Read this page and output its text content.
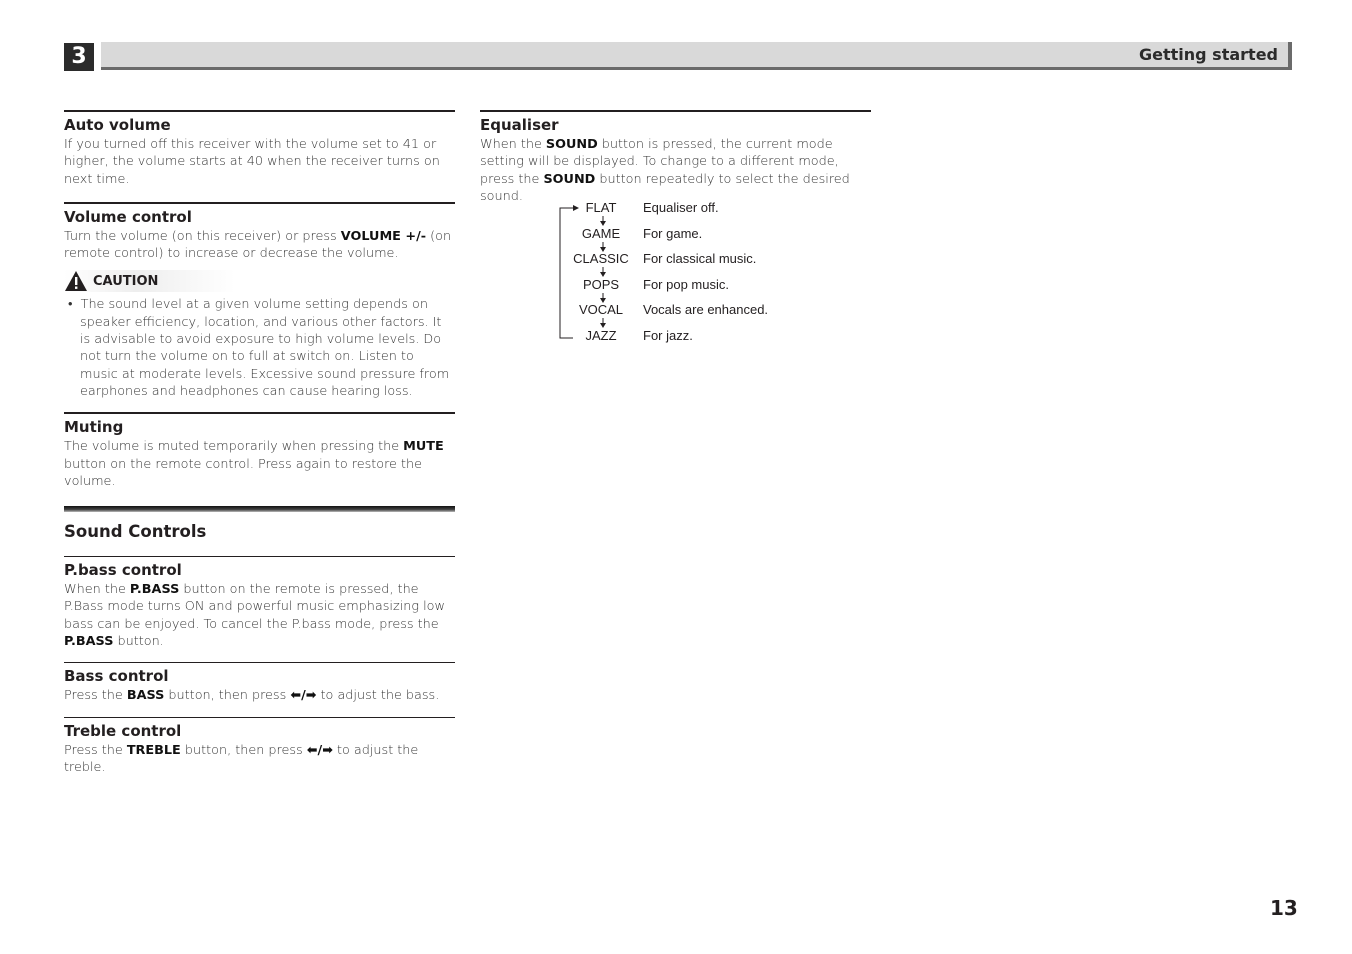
3	Getting started
Auto volume

If you turned off this receiver with the volume set to 41 or higher, the volume starts at 40 when the receiver turns on next time.

Volume control

Turn the volume (on this receiver) or press VOLUME +/- (on remote control) to increase or decrease the volume.

CAUTION

• The sound level at a given volume setting depends on speaker efficiency, location, and various other factors. It is advisable to avoid exposure to high volume levels. Do not turn the volume on to full at switch on. Listen to music at moderate levels. Excessive sound pressure from earphones and headphones can cause hearing loss.

Muting

The volume is muted temporarily when pressing the MUTE button on the remote control. Press again to restore the volume.

Sound Controls
P.bass control

When the P.BASS button on the remote is pressed, the P.Bass mode turns ON and powerful music emphasizing low bass can be enjoyed. To cancel the P.bass mode, press the P.BASS button.

Bass control

Press the BASS button, then press ⬅/➡ to adjust the bass.

Treble control

Press the TREBLE button, then press ⬅/➡ to adjust the treble.

Equaliser

When the SOUND button is pressed, the current mode setting will be displayed. To change to a different mode, press the SOUND button repeatedly to select the desired sound.

FLAT	Equaliser off.
GAME	For game.
CLASSIC	For classical music.
POPS	For pop music.
VOCAL	Vocals are enhanced.
JAZZ	For jazz.
13
